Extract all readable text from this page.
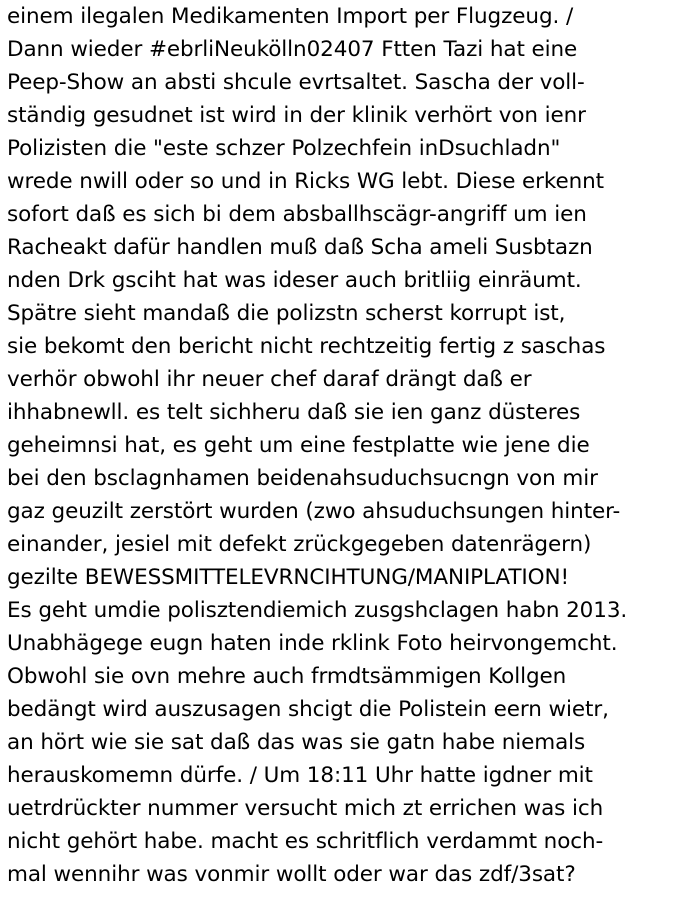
einem ilegalen Medikamenten Import per Flugzeug. /
Dann wieder #ebrliNeukölln02407 Ftten Tazi hat eine
Peep-Show an absti shcule evrtsaltet. Sascha der voll-
ständig gesudnet ist wird in der klinik verhört von ienr
Polizisten die "este schzer Polzechfein inDsuchladn"
wrede nwill oder so und in Ricks WG lebt. Diese erkennt
sofort daß es sich bi dem absballhscägr-angriff um ien
Racheakt dafür handlen muß daß Scha ameli Susbtazn
nden Drk gsciht hat was ideser auch britliig einräumt.
Spätre sieht mandaß die polizstn scherst korrupt ist,
sie bekomt den bericht nicht rechtzeitig fertig z saschas
verhör obwohl ihr neuer chef daraf drängt daß er
ihhabnewll. es telt sichheru daß sie ien ganz düsteres
geheimnsi hat, es geht um eine festplatte wie jene die
bei den bsclagnhamen beidenahsuduchsucngn von mir
gaz geuzilt zerstört wurden (zwo ahsuduchsungen hinter-
einander, jesiel mit defekt zrückgegeben datenrägern)
gezilte BEWESSMITTELEVRNCIHTUNG/MANIPLATION!
Es geht umdie polisztendiemich zusgshclagen habn 2013.
Unabhägege eugn haten inde rklink Foto heirvongemcht.
Obwohl sie ovn mehre auch frmdtsämmigen Kollgen
bedängt wird auszusagen shcigt die Polistein eern wietr,
an hört wie sie sat daß das was sie gatn habe niemals
herauskomemn dürfe. / Um 18:11 Uhr hatte igdner mit
uetrdrückter nummer versucht mich zt errichen was ich
nicht gehört habe. macht es schritflich verdammt noch-
mal wennihr was vonmir wollt oder war das zdf/3sat?
